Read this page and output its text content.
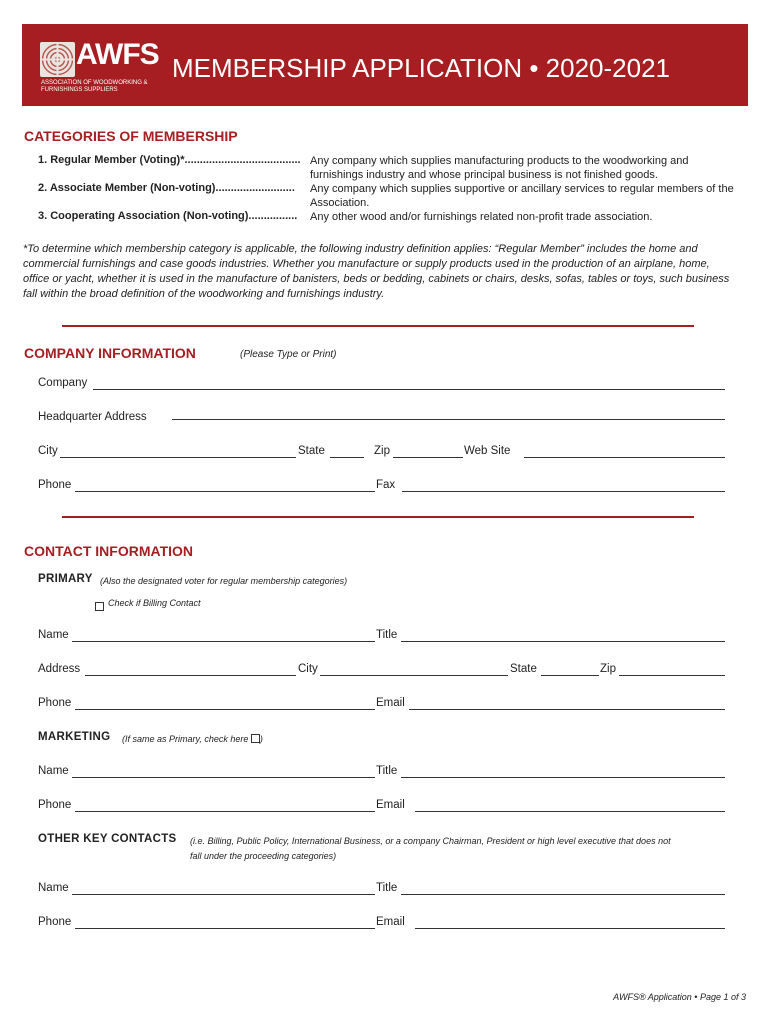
AWFS
ASSOCIATION OF WOODWORKING & FURNISHINGS SUPPLIERS
MEMBERSHIP APPLICATION • 2020-2021
CATEGORIES OF MEMBERSHIP
1. Regular Member (Voting)*...................................... Any company which supplies manufacturing products to the woodworking and furnishings industry and whose principal business is not finished goods.
2. Associate Member (Non-voting).......................... Any company which supplies supportive or ancillary services to regular members of the Association.
3. Cooperating Association (Non-voting)................ Any other wood and/or furnishings related non-profit trade association.
*To determine which membership category is applicable, the following industry definition applies: “Regular Member” includes the home and commercial furnishings and case goods industries. Whether you manufacture or supply products used in the production of an airplane, home, office or yacht, whether it is used in the manufacture of banisters, beds or bedding, cabinets or chairs, desks, sofas, tables or toys, such business fall within the broad definition of the woodworking and furnishings industry.
COMPANY INFORMATION	(Please Type or Print)
Company
Headquarter Address
City	State	Zip	Web Site
Phone	Fax
CONTACT INFORMATION
PRIMARY (Also the designated voter for regular membership categories)
Check if Billing Contact
Name	Title
Address	City	State	Zip
Phone	Email
MARKETING (If same as Primary, check here )
Name	Title
Phone	Email
OTHER KEY CONTACTS (i.e. Billing, Public Policy, International Business, or a company Chairman, President or high level executive that does not
fall under the proceeding categories)
Name	Title
Phone	Email
AWFS® Application • Page 1 of 3
